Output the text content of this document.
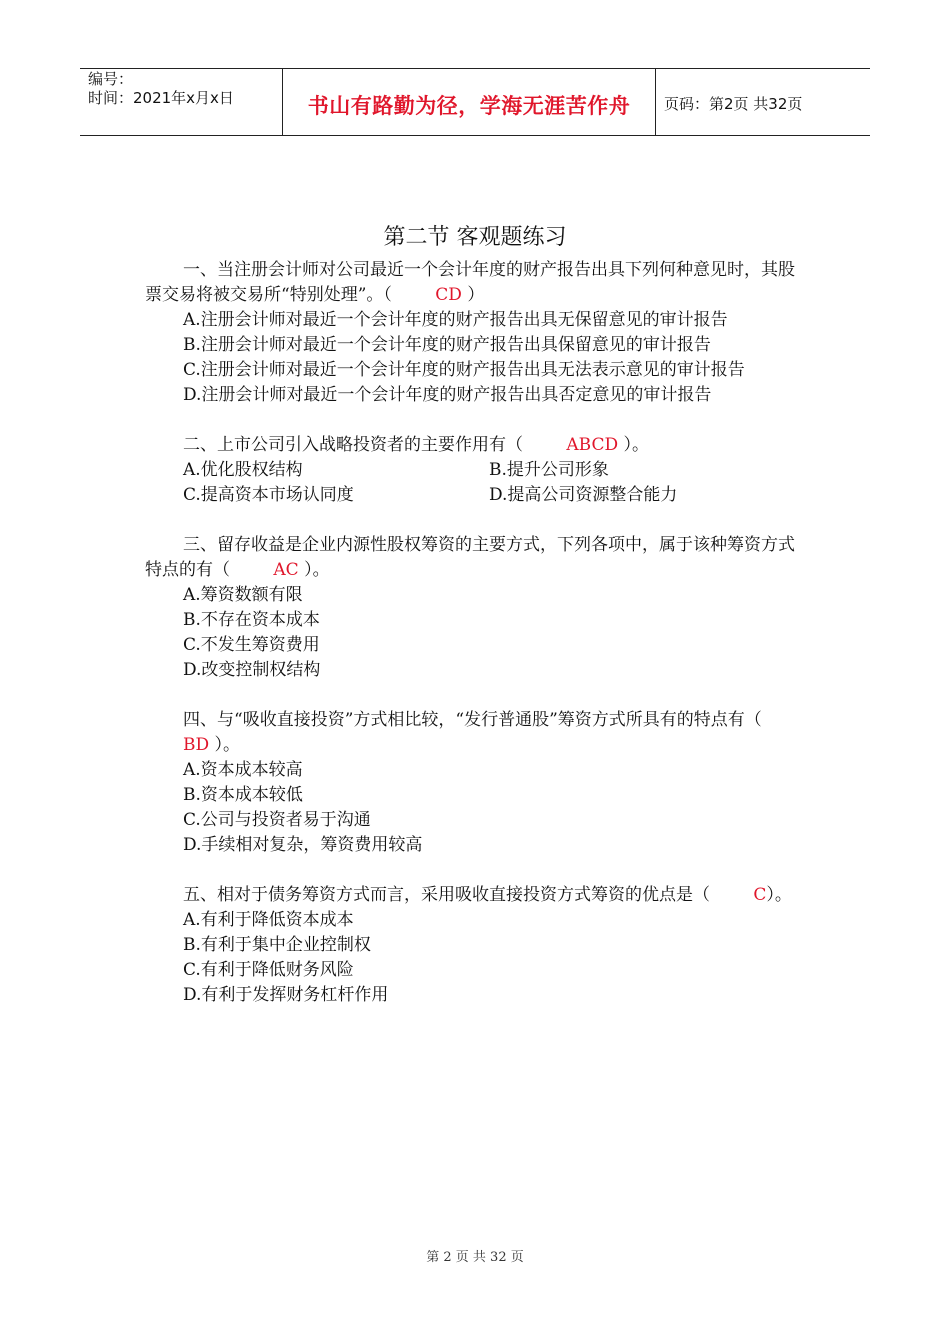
编号：
时间：2021年x月x日	书山有路勤为径，学海无涯苦作舟	页码：第2页 共32页
第二节 客观题练习

一、当注册会计师对公司最近一个会计年度的财产报告出具下列何种意见时，其股票交易将被交易所“特别处理”。（ CD ）

A.注册会计师对最近一个会计年度的财产报告出具无保留意见的审计报告

B.注册会计师对最近一个会计年度的财产报告出具保留意见的审计报告

C.注册会计师对最近一个会计年度的财产报告出具无法表示意见的审计报告

D.注册会计师对最近一个会计年度的财产报告出具否定意见的审计报告

二、上市公司引入战略投资者的主要作用有（ ABCD ）。

A.优化股权结构	B.提升公司形象
C.提高资本市场认同度	D.提高公司资源整合能力

三、留存收益是企业内源性股权筹资的主要方式，下列各项中，属于该种筹资方式特点的有（ AC ）。

A.筹资数额有限

B.不存在资本成本

C.不发生筹资费用

D.改变控制权结构

四、与“吸收直接投资”方式相比较，“发行普通股”筹资方式所具有的特点有（ BD ）。

A.资本成本较高

B.资本成本较低

C.公司与投资者易于沟通

D.手续相对复杂，筹资费用较高

五、相对于债务筹资方式而言，采用吸收直接投资方式筹资的优点是（ C）。

A.有利于降低资本成本

B.有利于集中企业控制权

C.有利于降低财务风险

D.有利于发挥财务杠杆作用

第 2 页 共 32 页
